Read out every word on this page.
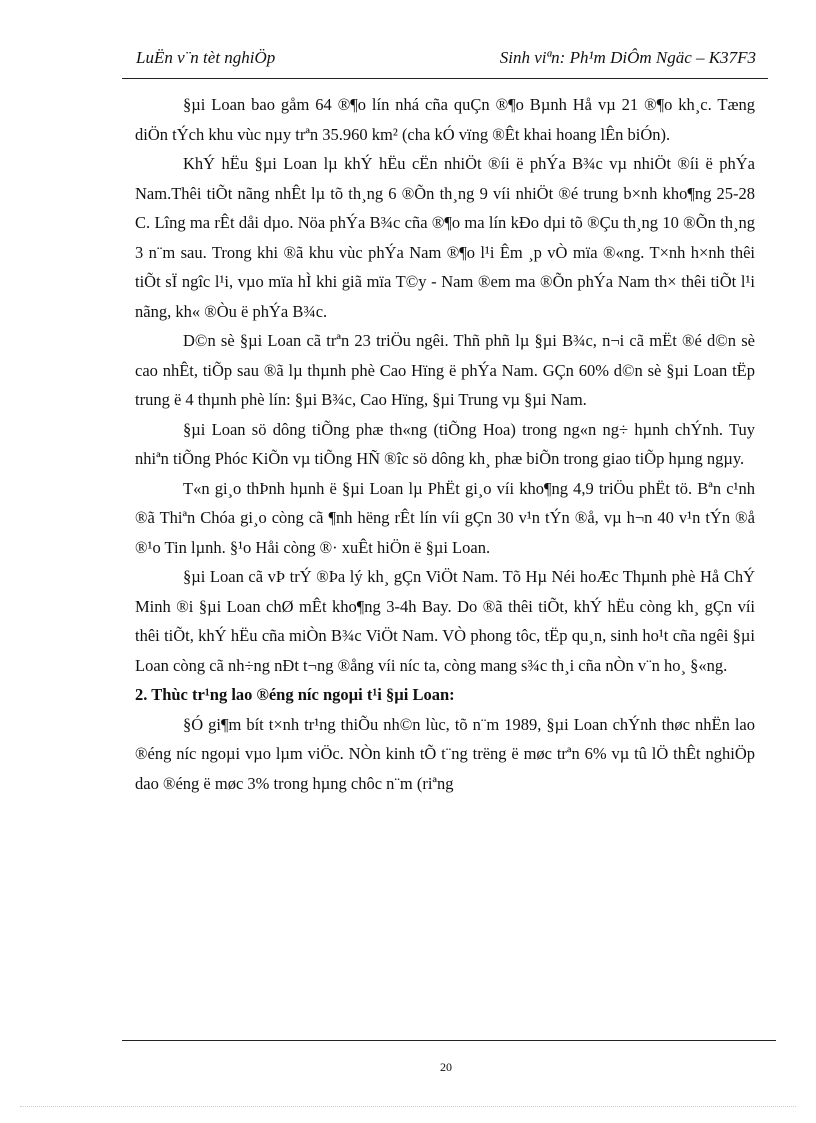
LuËn v¨n tèt nghiÖp	Sinh viªn: Ph¹m DiÔm Ngäc – K37F3

§µi Loan bao gåm 64 ®¶o lín nhá cña quÇn ®¶o Bµnh Hå vµ 21 ®¶o kh¸c. Tæng diÖn tÝch khu vùc nµy trªn 35.960 km² (cha kÓ vïng ®Êt khai hoang lÊn biÓn).

KhÝ hËu §µi Loan lµ khÝ hËu cËn nhiÖt ®íi ë phÝa B¾c vµ nhiÖt ®íi ë phÝa Nam.Thêi tiÕt nãng nhÊt lµ tõ th¸ng 6 ®Õn th¸ng 9 víi nhiÖt ®é trung b×nh kho¶ng 25-28 C. Lîng ma rÊt dåi dµo. Nöa phÝa B¾c cña ®¶o ma lín kÐo dµi tõ ®Çu th¸ng 10 ®Õn th¸ng 3 n¨m sau. Trong khi ®ã khu vùc phÝa Nam ®¶o l¹i Êm ¸p vÒ mïa ®«ng. T×nh h×nh thêi tiÕt sÏ ngîc l¹i, vµo mïa hÌ khi giã mïa T©y - Nam ®em ma ®Õn phÝa Nam th× thêi tiÕt l¹i nãng, kh« ®Òu ë phÝa B¾c.

D©n sè §µi Loan cã trªn 23 triÖu ngêi. Thñ phñ lµ §µi B¾c, n¬i cã mËt ®é d©n sè cao nhÊt, tiÕp sau ®ã lµ thµnh phè Cao Hïng ë phÝa Nam. GÇn 60% d©n sè §µi Loan tËp trung ë 4 thµnh phè lín: §µi B¾c, Cao Hïng, §µi Trung vµ §µi Nam.

§µi Loan sö dông tiÕng phæ th«ng (tiÕng Hoa) trong ng«n ng÷ hµnh chÝnh. Tuy nhiªn tiÕng Phóc KiÕn vµ tiÕng HÑ ®îc sö dông kh¸ phæ biÕn trong giao tiÕp hµng ngµy.

T«n gi¸o thÞnh hµnh ë §µi Loan lµ PhËt gi¸o víi kho¶ng 4,9 triÖu phËt tö. Bªn c¹nh ®ã Thiªn Chóa gi¸o còng cã ¶nh hëng rÊt lín víi gÇn 30 v¹n tÝn ®å, vµ h¬n 40 v¹n tÝn ®å ®¹o Tin lµnh. §¹o Håi còng ®· xuÊt hiÖn ë §µi Loan.

§µi Loan cã vÞ trÝ ®Þa lý kh¸ gÇn ViÖt Nam. Tõ Hµ Néi hoÆc Thµnh phè Hå ChÝ Minh ®i §µi Loan chØ mÊt kho¶ng 3-4h Bay. Do ®ã thêi tiÕt, khÝ hËu còng kh¸ gÇn víi thêi tiÕt, khÝ hËu cña miÒn B¾c ViÖt Nam. VÒ phong tôc, tËp qu¸n, sinh ho¹t cña ngêi §µi Loan còng cã nh÷ng nÐt t¬ng ®ång víi níc ta, còng mang s¾c th¸i cña nÒn v¨n ho¸ §«ng.

2. Thùc tr¹ng lao ®éng níc ngoµi t¹i §µi Loan:

§Ó gi¶m bít t×nh tr¹ng thiÕu nh©n lùc, tõ n¨m 1989, §µi Loan chÝnh thøc nhËn lao ®éng níc ngoµi vµo lµm viÖc. NÒn kinh tÕ t¨ng trëng ë møc trªn 6% vµ tû lÖ thÊt nghiÖp dao ®éng ë møc 3% trong hµng chôc n¨m (riªng

20
